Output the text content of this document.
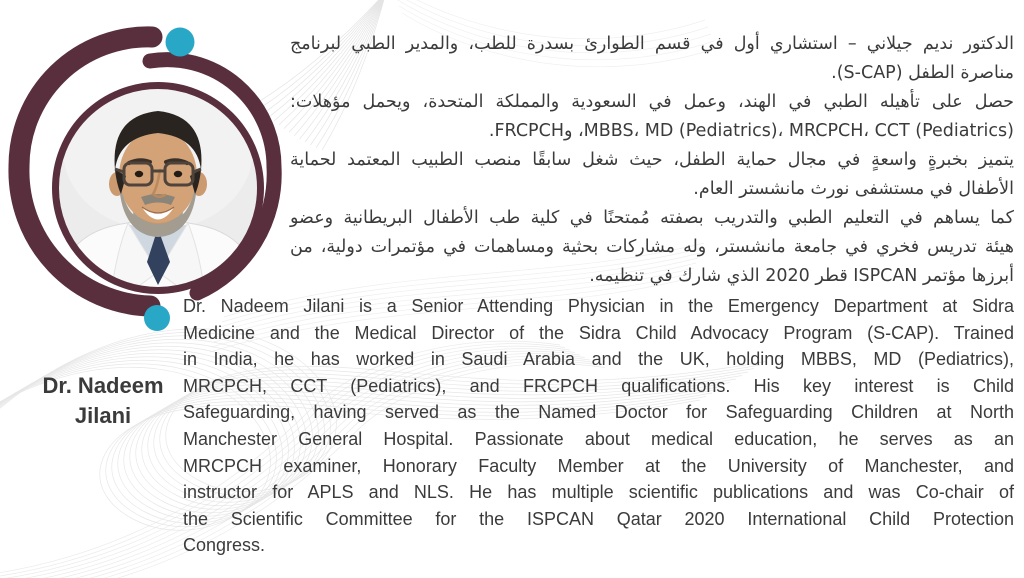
Dr. Nadeem
Jilani
الدكتور نديم جيلاني – استشاري أول في قسم الطوارئ بسدرة للطب، والمدير الطبي لبرنامج
مناصرة الطفل (S-CAP).
حصل على تأهيله الطبي في الهند، وعمل في السعودية والمملكة المتحدة، ويحمل مؤهلات:
MBBS، MD (Pediatrics)، MRCPCH، CCT (Pediatrics)، وFRCPCH.
يتميز بخبرةٍ واسعةٍ في مجال حماية الطفل، حيث شغل سابقًا منصب الطبيب المعتمد لحماية
الأطفال في مستشفى نورث مانشستر العام.
كما يساهم في التعليم الطبي والتدريب بصفته مُمتحنًا في كلية طب الأطفال البريطانية وعضو
هيئة تدريس فخري في جامعة مانشستر، وله مشاركات بحثية ومساهمات في مؤتمرات دولية، من
أبرزها مؤتمر ISPCAN قطر 2020 الذي شارك في تنظيمه.
Dr. Nadeem Jilani is a Senior Attending Physician in the Emergency Department at Sidra
Medicine and the Medical Director of the Sidra Child Advocacy Program (S-CAP). Trained
in India, he has worked in Saudi Arabia and the UK, holding MBBS, MD (Pediatrics),
MRCPCH, CCT (Pediatrics), and FRCPCH qualifications. His key interest is Child
Safeguarding, having served as the Named Doctor for Safeguarding Children at North
Manchester General Hospital. Passionate about medical education, he serves as an
MRCPCH examiner, Honorary Faculty Member at the University of Manchester, and
instructor for APLS and NLS. He has multiple scientific publications and was Co-chair of
the Scientific Committee for the ISPCAN Qatar 2020 International Child Protection
Congress.
